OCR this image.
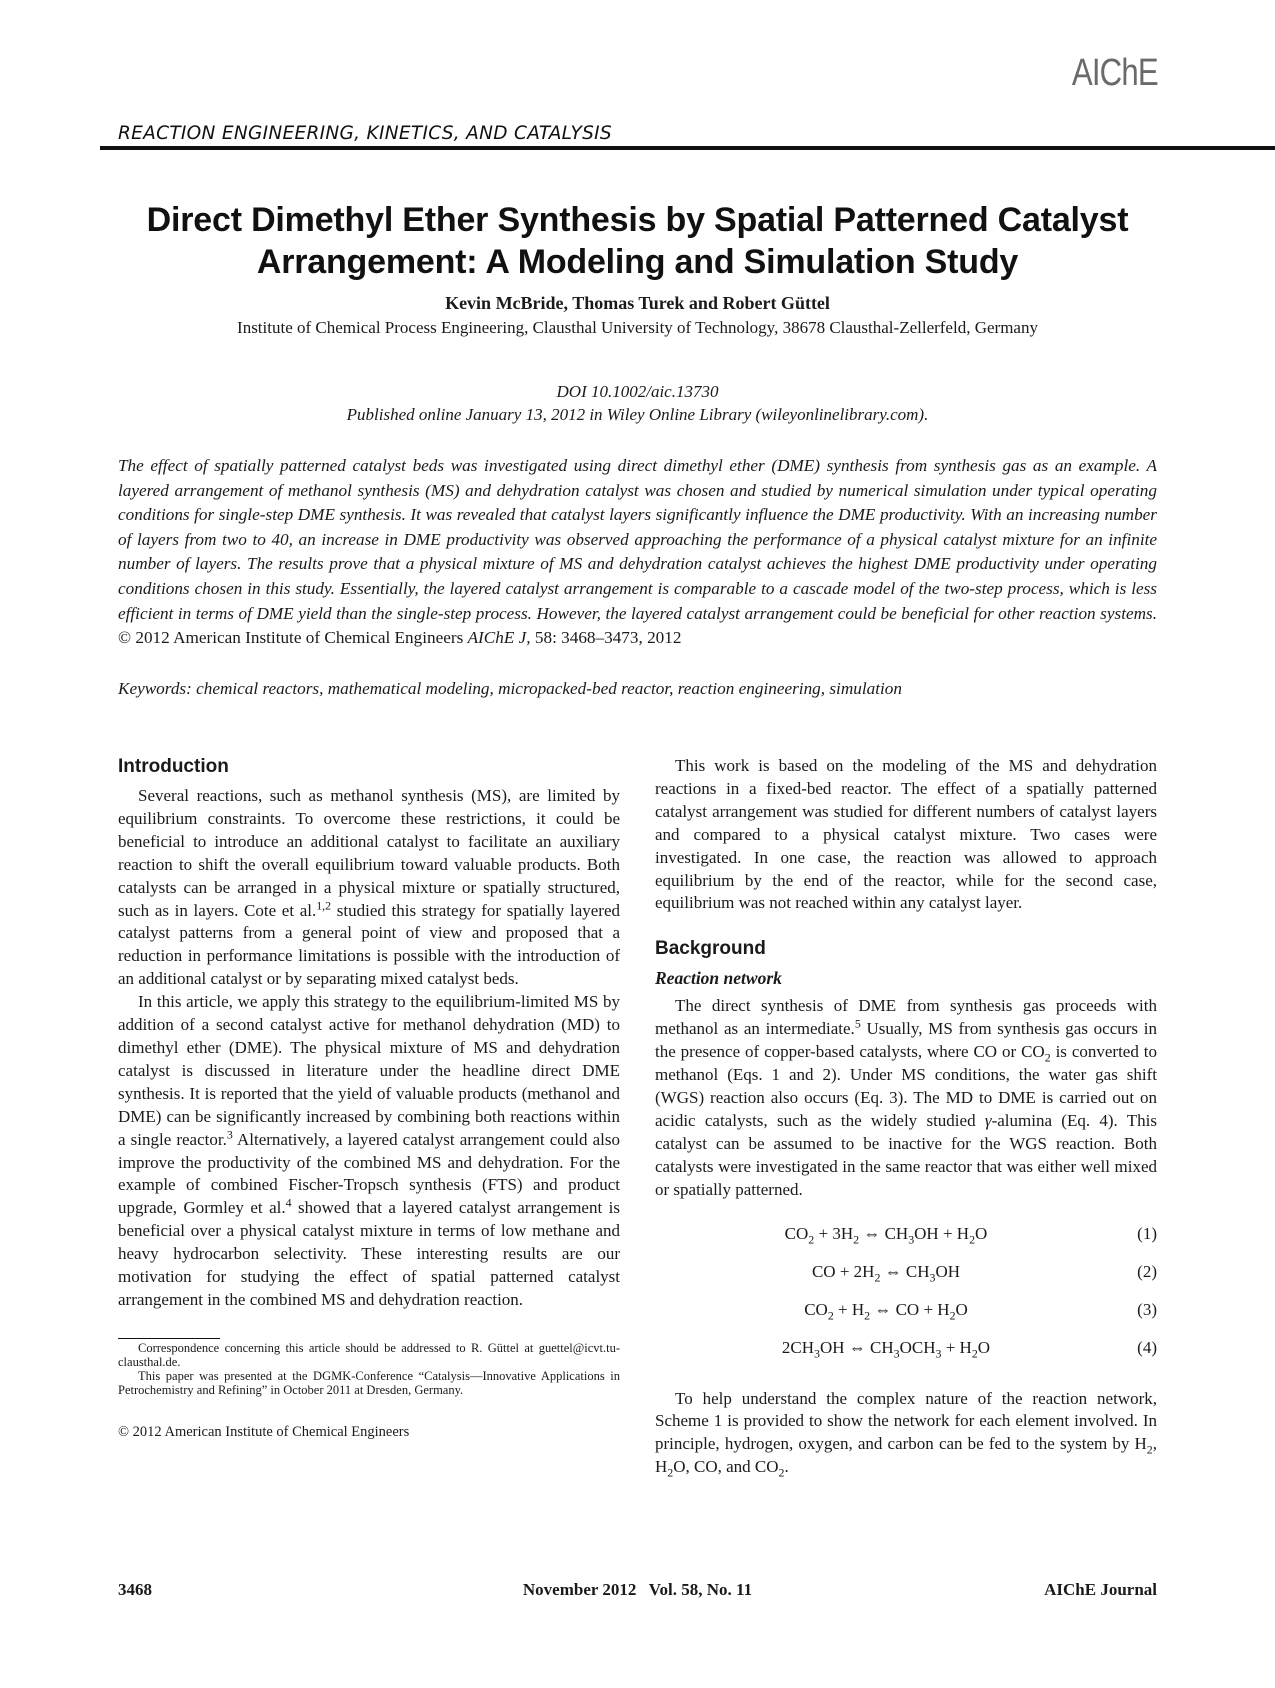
AIChE
REACTION ENGINEERING, KINETICS, AND CATALYSIS
Direct Dimethyl Ether Synthesis by Spatial Patterned Catalyst
Arrangement: A Modeling and Simulation Study
Kevin McBride, Thomas Turek and Robert Güttel
Institute of Chemical Process Engineering, Clausthal University of Technology, 38678 Clausthal-Zellerfeld, Germany
DOI 10.1002/aic.13730
Published online January 13, 2012 in Wiley Online Library (wileyonlinelibrary.com).
The effect of spatially patterned catalyst beds was investigated using direct dimethyl ether (DME) synthesis from synthesis gas as an example. A layered arrangement of methanol synthesis (MS) and dehydration catalyst was chosen and studied by numerical simulation under typical operating conditions for single-step DME synthesis. It was revealed that catalyst layers significantly influence the DME productivity. With an increasing number of layers from two to 40, an increase in DME productivity was observed approaching the performance of a physical catalyst mixture for an infinite number of layers. The results prove that a physical mixture of MS and dehydration catalyst achieves the highest DME productivity under operating conditions chosen in this study. Essentially, the layered catalyst arrangement is comparable to a cascade model of the two-step process, which is less efficient in terms of DME yield than the single-step process. However, the layered catalyst arrangement could be beneficial for other reaction systems. © 2012 American Institute of Chemical Engineers AIChE J, 58: 3468–3473, 2012
Keywords: chemical reactors, mathematical modeling, micropacked-bed reactor, reaction engineering, simulation
Introduction

Several reactions, such as methanol synthesis (MS), are limited by equilibrium constraints. To overcome these restrictions, it could be beneficial to introduce an additional catalyst to facilitate an auxiliary reaction to shift the overall equilibrium toward valuable products. Both catalysts can be arranged in a physical mixture or spatially structured, such as in layers. Cote et al.$^{1,2}$ studied this strategy for spatially layered catalyst patterns from a general point of view and proposed that a reduction in performance limitations is possible with the introduction of an additional catalyst or by separating mixed catalyst beds.

In this article, we apply this strategy to the equilibrium-limited MS by addition of a second catalyst active for methanol dehydration (MD) to dimethyl ether (DME). The physical mixture of MS and dehydration catalyst is discussed in literature under the headline direct DME synthesis. It is reported that the yield of valuable products (methanol and DME) can be significantly increased by combining both reactions within a single reactor.$^3$ Alternatively, a layered catalyst arrangement could also improve the productivity of the combined MS and dehydration. For the example of combined Fischer-Tropsch synthesis (FTS) and product upgrade, Gormley et al.$^4$ showed that a layered catalyst arrangement is beneficial over a physical catalyst mixture in terms of low methane and heavy hydrocarbon selectivity. These interesting results are our motivation for studying the effect of spatial patterned catalyst arrangement in the combined MS and dehydration reaction.

Correspondence concerning this article should be addressed to R. Güttel at guettel@icvt.tu-clausthal.de.

This paper was presented at the DGMK-Conference “Catalysis—Innovative Applications in Petrochemistry and Refining” in October 2011 at Dresden, Germany.

© 2012 American Institute of Chemical Engineers

This work is based on the modeling of the MS and dehydration reactions in a fixed-bed reactor. The effect of a spatially patterned catalyst arrangement was studied for different numbers of catalyst layers and compared to a physical catalyst mixture. Two cases were investigated. In one case, the reaction was allowed to approach equilibrium by the end of the reactor, while for the second case, equilibrium was not reached within any catalyst layer.

Background
Reaction network

The direct synthesis of DME from synthesis gas proceeds with methanol as an intermediate.$^5$ Usually, MS from synthesis gas occurs in the presence of copper-based catalysts, where CO or $CO_2$ is converted to methanol (Eqs. 1 and 2). Under MS conditions, the water gas shift (WGS) reaction also occurs (Eq. 3). The MD to DME is carried out on acidic catalysts, such as the widely studied γ-alumina (Eq. 4). This catalyst can be assumed to be inactive for the WGS reaction. Both catalysts were investigated in the same reactor that was either well mixed or spatially patterned.

$CO_2 + 3H_2$ ⇔ $CH_3OH + H_2O$	(1)
CO + $2H_2$ ⇔ $CH_3OH$	(2)
$CO_2 + H_2$ ⇔ CO + $H_2O$	(3)
$2CH_3OH$ ⇔ $CH_3OCH_3 + H_2O$	(4)

To help understand the complex nature of the reaction network, Scheme 1 is provided to show the network for each element involved. In principle, hydrogen, oxygen, and carbon can be fed to the system by $H_2$, $H_2O$, CO, and $CO_2$.

3468	November 2012   Vol. 58, No. 11	AIChE Journal
